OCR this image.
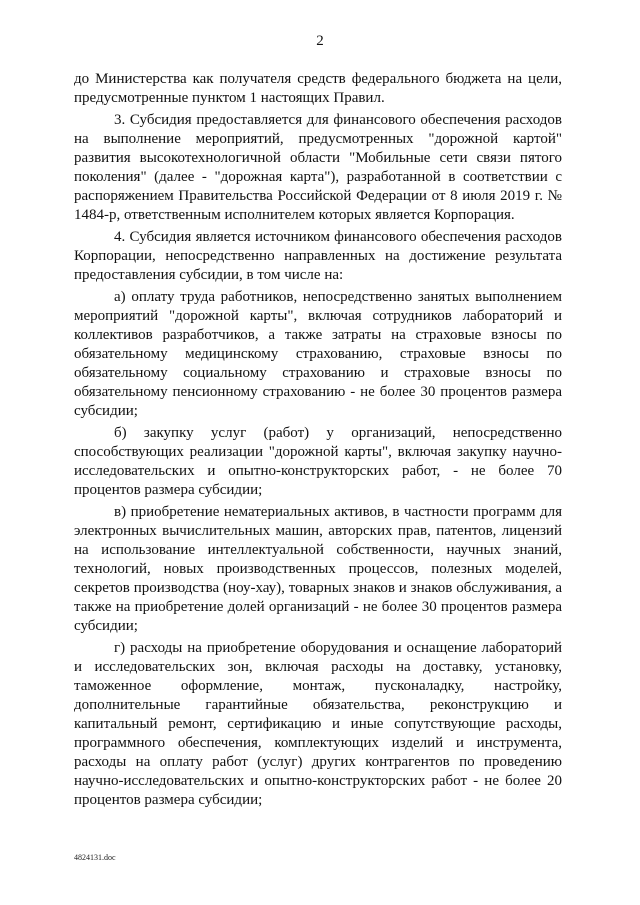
2

до Министерства как получателя средств федерального бюджета на цели, предусмотренные пунктом 1 настоящих Правил.

3. Субсидия предоставляется для финансового обеспечения расходов на выполнение мероприятий, предусмотренных "дорожной картой" развития высокотехнологичной области "Мобильные сети связи пятого поколения" (далее - "дорожная карта"), разработанной в соответствии с распоряжением Правительства Российской Федерации от 8 июля 2019 г. № 1484-р, ответственным исполнителем которых является Корпорация.

4. Субсидия является источником финансового обеспечения расходов Корпорации, непосредственно направленных на достижение результата предоставления субсидии, в том числе на:

а) оплату труда работников, непосредственно занятых выполнением мероприятий "дорожной карты", включая сотрудников лабораторий и коллективов разработчиков, а также затраты на страховые взносы по обязательному медицинскому страхованию, страховые взносы по обязательному социальному страхованию и страховые взносы по обязательному пенсионному страхованию - не более 30 процентов размера субсидии;

б) закупку услуг (работ) у организаций, непосредственно способствующих реализации "дорожной карты", включая закупку научно-исследовательских и опытно-конструкторских работ, - не более 70 процентов размера субсидии;

в) приобретение нематериальных активов, в частности программ для электронных вычислительных машин, авторских прав, патентов, лицензий на использование интеллектуальной собственности, научных знаний, технологий, новых производственных процессов, полезных моделей, секретов производства (ноу-хау), товарных знаков и знаков обслуживания, а также на приобретение долей организаций - не более 30 процентов размера субсидии;

г) расходы на приобретение оборудования и оснащение лабораторий и исследовательских зон, включая расходы на доставку, установку, таможенное оформление, монтаж, пусконаладку, настройку, дополнительные гарантийные обязательства, реконструкцию и капитальный ремонт, сертификацию и иные сопутствующие расходы, программного обеспечения, комплектующих изделий и инструмента, расходы на оплату работ (услуг) других контрагентов по проведению научно-исследовательских и опытно-конструкторских работ - не более 20 процентов размера субсидии;

4824131.doc
